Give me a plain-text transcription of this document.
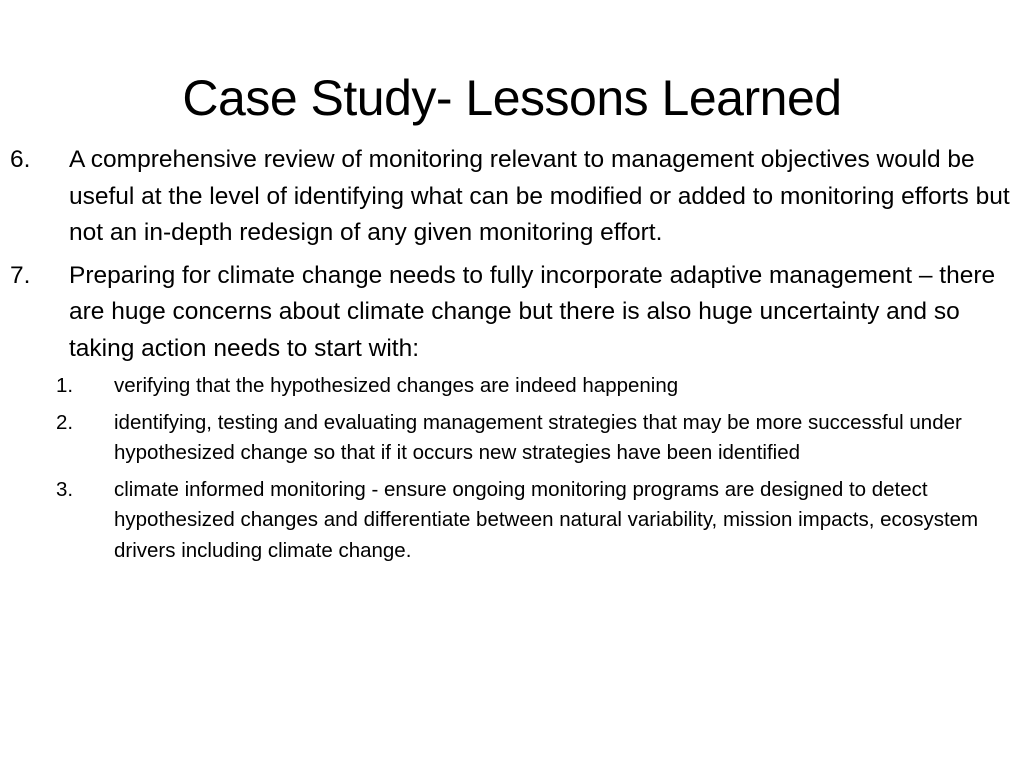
Case Study- Lessons Learned
6. A comprehensive review of monitoring relevant to management objectives would be useful at the level of identifying what can be modified or added to monitoring efforts but not an in-depth redesign of any given monitoring effort.
7. Preparing for climate change needs to fully incorporate adaptive management – there are huge concerns about climate change but there is also huge uncertainty and so taking action needs to start with:
1. verifying that the hypothesized changes are indeed happening
2. identifying, testing and evaluating management strategies that may be more successful under hypothesized change so that if it occurs new strategies have been identified
3. climate informed monitoring - ensure ongoing monitoring programs are designed to detect hypothesized changes and differentiate between natural variability, mission impacts, ecosystem drivers including climate change.
